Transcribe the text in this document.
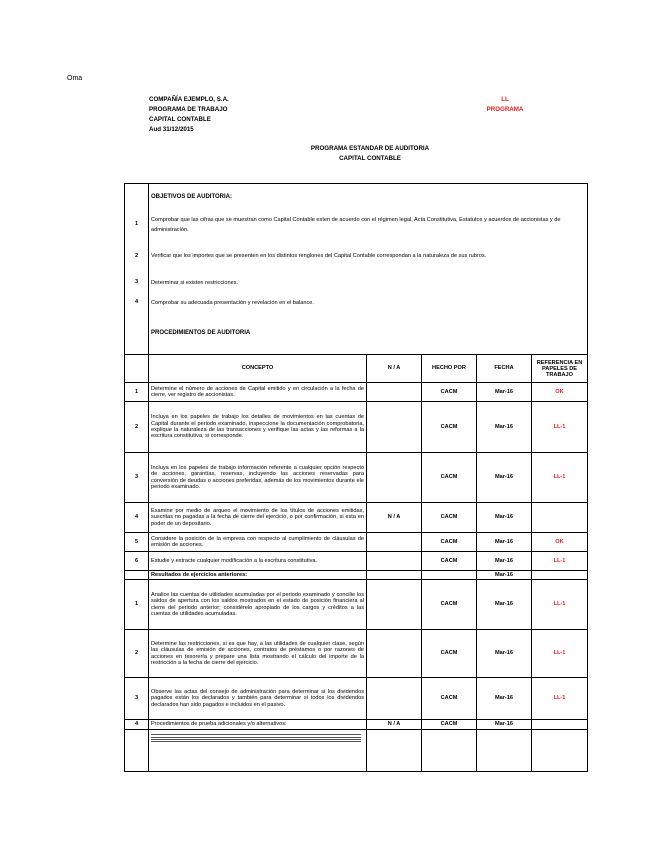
Oma
COMPAÑÍA EJEMPLO, S.A.
PROGRAMA DE TRABAJO
CAPITAL CONTABLE
Aud 31/12/2015
LL
PROGRAMA
PROGRAMA ESTANDAR DE AUDITORIA
CAPITAL CONTABLE
	OBJETIVOS DE AUDITORIA:				
1	Comprobar que las cifras que se muestran como Capital Contable esten de acuerdo con el régimen legal, Acta Constitutiva, Estatutos y acuerdos de accionistas y de administración.				
2	Verificar que los importes que se presenten en los distintos renglones del Capital Contable correspondan a la naturaleza de sus rubros.				
3	Determinar si existen restricciones.				
4	Comprobar su adecuada presentación y revelación en el balance.				
	PROCEDIMIENTOS DE AUDITORIA				
	CONCEPTO	N / A	HECHO POR	FECHA	REFERENCIA EN PAPELES DE TRABAJO
1	Determine el número de acciones de Capital emitido y en circulación a la fecha de cierre, ver registro de accionistas.		CACM	Mar-16	OK
2	Incluya en los papeles de trabajo los detalles de movimientos en las cuentas de Capital durante el periodo examinado, inspeccione la documentación comprobatoria, explique la naturaleza de las transacciones y verifique las actas y las reformas a la escritura constitutiva, si corresponde.		CACM	Mar-16	LL-1
3	Incluya en los papeles de trabajo información referente a cualquier opción respecto de acciones, garantías, reservas, incluyendo las acciones reservadas para conversión de deudas o acciones preferidas, además de los movimientos durante ele periodo examinado.		CACM	Mar-16	LL-1
4	Examine por medio de arqueo el movimiento de los títulos de acciones emitidas, suscritas no pagadas a la fecha de cierre del ejercicio, o por confirmación, si esta en poder de un depositario.	N / A	CACM	Mar-16	
5	Considere la posición de la empresa con respecto al cumplimiento de cláusulas de emisión de acciones.		CACM	Mar-16	OK
6	Estudie y extracte cualquier modificación a la escritura constitutiva.		CACM	Mar-16	LL-1
	Resultados de ejercicios anteriores:			Mar-16	
1	Analice las cuentas de utilidades acumuladas por el periodo examinado y concilie los saldos de apertura con los saldos mostrados en el estado de posición financiera al cierre del periodo anterior; considérelo apropiado de los cargos y créditos a las cuentas de utilidades acumuladas.		CACM	Mar-16	LL-1
2	Determine las restricciones, si es que hay, a las utilidades de cualquier clase, según las cláusulas de emisión de acciones, contratos de préstamos o por razones de acciones en tesorería y prepare una lista mostrando el cálculo del importe de la restricción a la fecha de cierre del ejercicio.		CACM	Mar-16	LL-1
3	Observe las actas del consejo de administración para determinar si los dividendos pagados están los declarados y también para determinar si todos los dividendos declarados han sido pagados e incluidos en el pasivo.		CACM	Mar-16	LL-1
4	Procedimientos de prueba adicionales y/o alternativos:	N / A	CACM	Mar-16	
